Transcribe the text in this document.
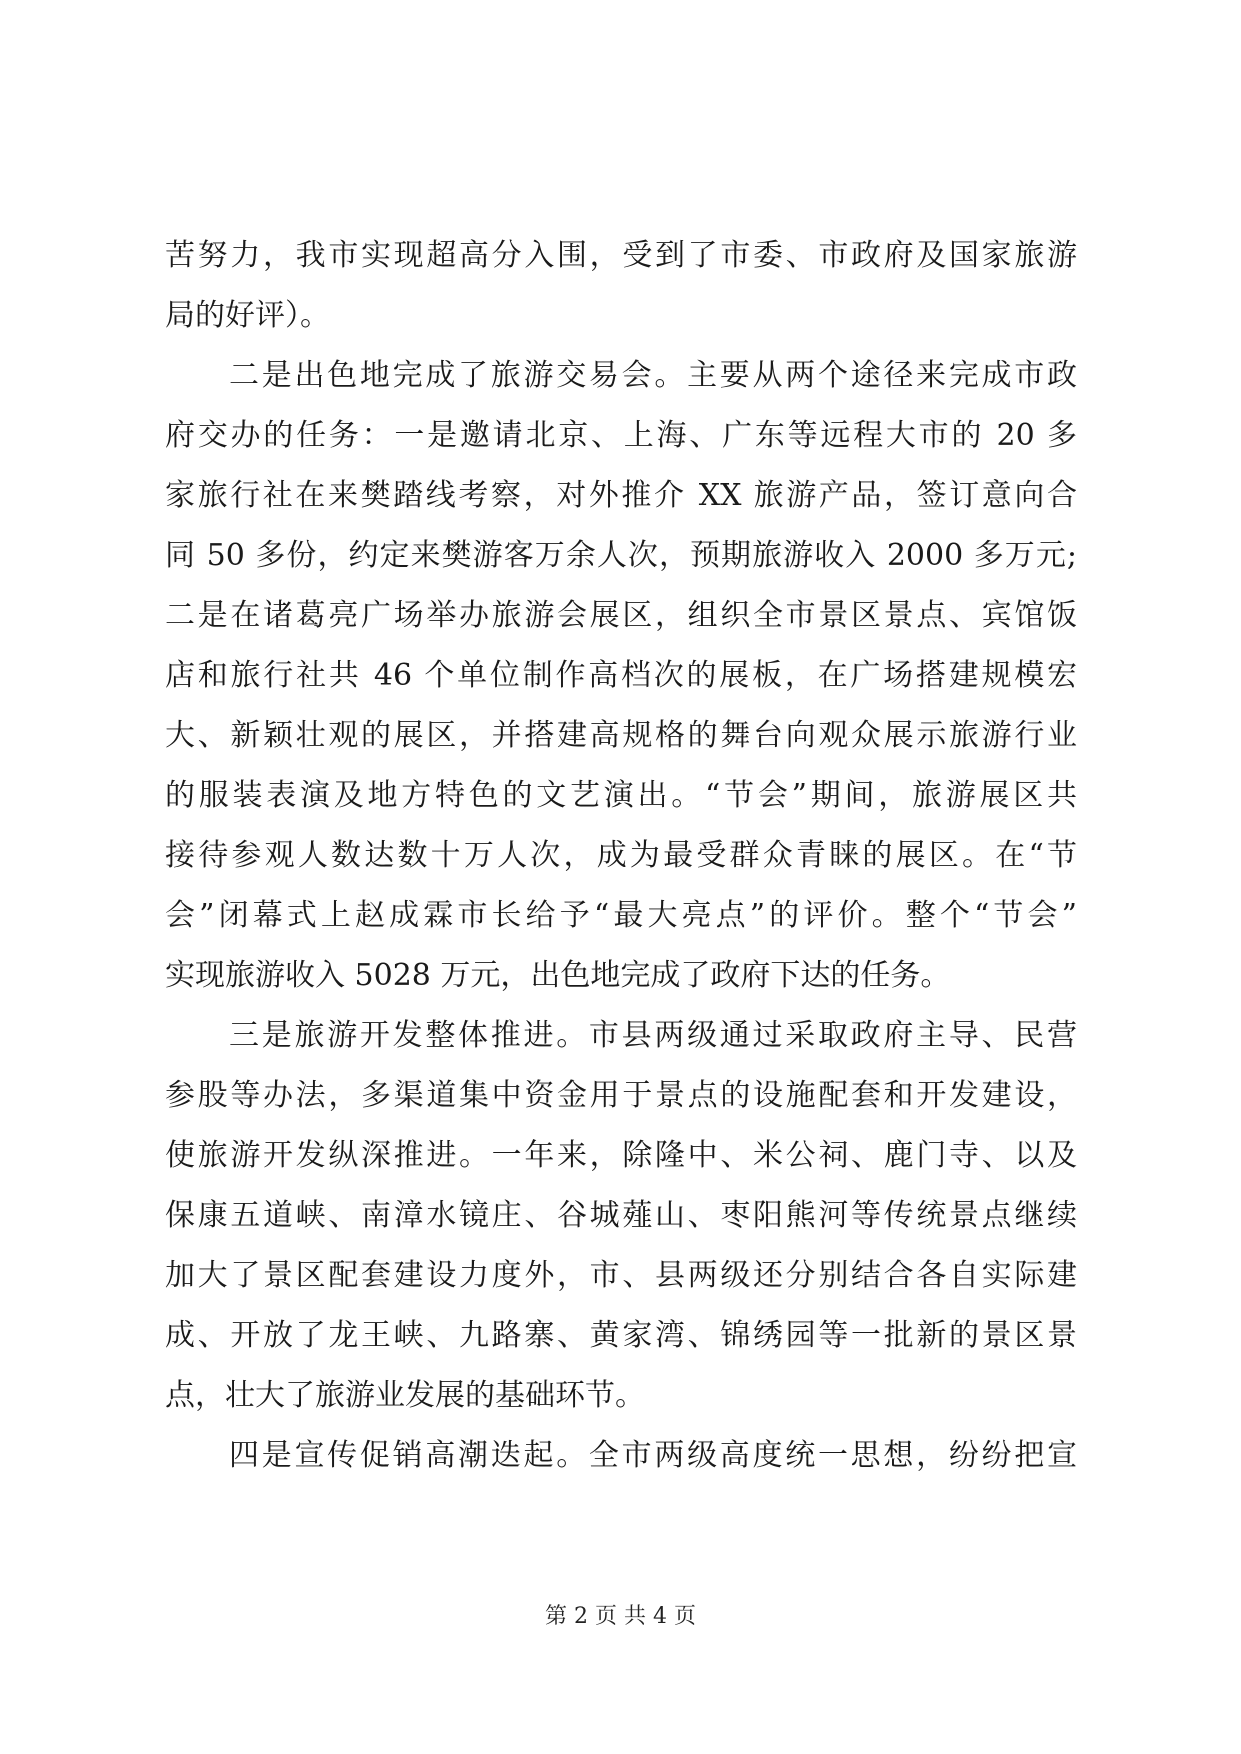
苦努力，我市实现超高分入围，受到了市委、市政府及国家旅游
局的好评）。
二是出色地完成了旅游交易会。主要从两个途径来完成市政
府交办的任务：一是邀请北京、上海、广东等远程大市的 20 多
家旅行社在来樊踏线考察，对外推介 XX 旅游产品，签订意向合
同 50 多份，约定来樊游客万余人次，预期旅游收入 2000 多万元;
二是在诸葛亮广场举办旅游会展区，组织全市景区景点、宾馆饭
店和旅行社共 46 个单位制作高档次的展板，在广场搭建规模宏
大、新颖壮观的展区，并搭建高规格的舞台向观众展示旅游行业
的服装表演及地方特色的文艺演出。“节会”期间，旅游展区共
接待参观人数达数十万人次，成为最受群众青睐的展区。在“节
会”闭幕式上赵成霖市长给予“最大亮点”的评价。整个“节会”
实现旅游收入 5028 万元，出色地完成了政府下达的任务。
三是旅游开发整体推进。市县两级通过采取政府主导、民营
参股等办法，多渠道集中资金用于景点的设施配套和开发建设，
使旅游开发纵深推进。一年来，除隆中、米公祠、鹿门寺、以及
保康五道峡、南漳水镜庄、谷城薤山、枣阳熊河等传统景点继续
加大了景区配套建设力度外，市、县两级还分别结合各自实际建
成、开放了龙王峡、九路寨、黄家湾、锦绣园等一批新的景区景
点，壮大了旅游业发展的基础环节。
四是宣传促销高潮迭起。全市两级高度统一思想，纷纷把宣
第 2 页 共 4 页
